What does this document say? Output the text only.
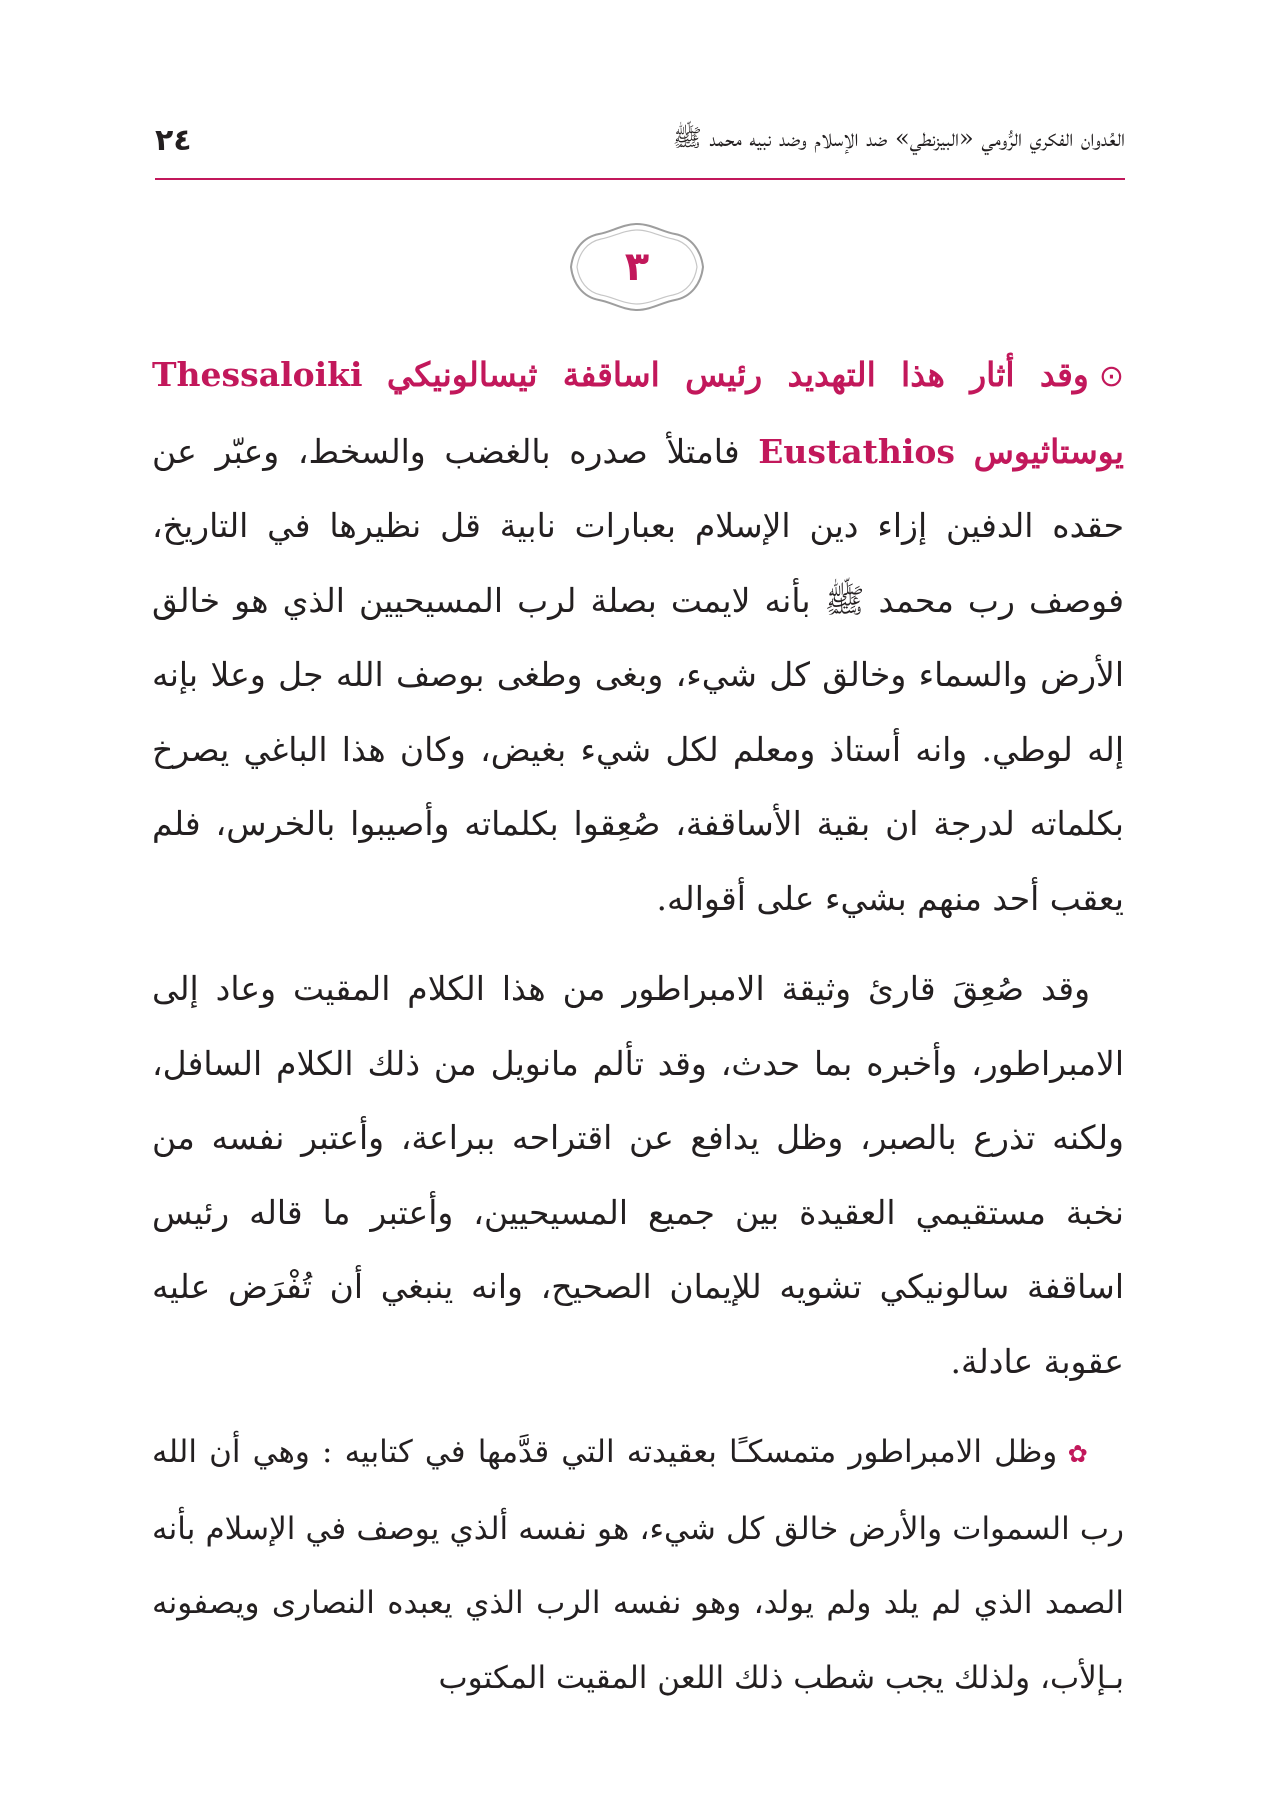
العُدوان الفكري الرُّومي «البيزنطي» ضد الإسلام وضد نبيه محمد ﷺ
٢٤
٣

⊙وقد أثار هذا التهديد رئيس اساقفة ثيسالونيكي Thessaloiki يوستاثيوس Eustathios فامتلأ صدره بالغضب والسخط، وعبّر عن حقده الدفين إزاء دين الإسلام بعبارات نابية قل نظيرها في التاريخ، فوصف رب محمد ﷺ بأنه لايمت بصلة لرب المسيحيين الذي هو خالق الأرض والسماء وخالق كل شيء، وبغى وطغى بوصف الله جل وعلا بإنه إله لوطي. وانه أستاذ ومعلم لكل شيء بغيض، وكان هذا الباغي يصرخ بكلماته لدرجة ان بقية الأساقفة، صُعِقوا بكلماته وأصيبوا بالخرس، فلم يعقب أحد منهم بشيء على أقواله.

وقد صُعِقَ قارئ وثيقة الامبراطور من هذا الكلام المقيت وعاد إلى الامبراطور، وأخبره بما حدث، وقد تألم مانويل من ذلك الكلام السافل، ولكنه تذرع بالصبر، وظل يدافع عن اقتراحه ببراعة، وأعتبر نفسه من نخبة مستقيمي العقيدة بين جميع المسيحيين، وأعتبر ما قاله رئيس اساقفة سالونيكي تشويه للإيمان الصحيح، وانه ينبغي أن تُفْرَض عليه عقوبة عادلة.

✿وظل الامبراطور متمسكـًا بعقيدته التي قدَّمها في كتابيه : وهي أن الله رب السموات والأرض خالق كل شيء، هو نفسه ألذي يوصف في الإسلام بأنه الصمد الذي لم يلد ولم يولد، وهو نفسه الرب الذي يعبده النصارى ويصفونه بـإلأب، ولذلك يجب شطب ذلك اللعن المقيت المكتوب
